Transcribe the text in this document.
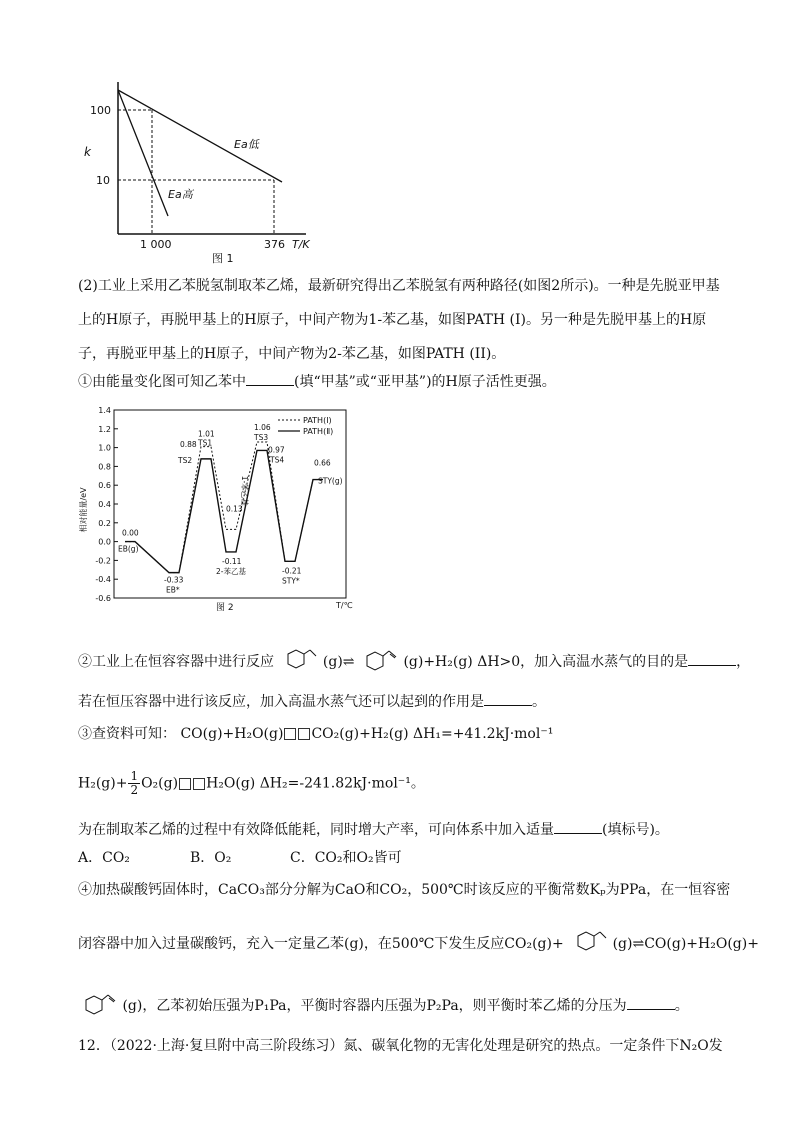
k
100
10
Ea低
Ea高
1 000	376 T/K
图 1
(2)工业上采用乙苯脱氢制取苯乙烯，最新研究得出乙苯脱氢有两种路径(如图2所示)。一种是先脱亚甲基
上的H原子，再脱甲基上的H原子，中间产物为1-苯乙基，如图PATH (I)。另一种是先脱甲基上的H原
子，再脱亚甲基上的H原子，中间产物为2-苯乙基，如图PATH (II)。
①由能量变化图可知乙苯中	(填“甲基”或“亚甲基”)的H原子活性更强。
1.4
1.2
1.0
0.8
0.6
0.4
0.2
0.0
-0.2
-0.4
-0.6
0.00
EB(g)
-0.33
EB*
1.01
TS1
0.88
TS2
0.13
-0.11
2-苯乙基
1.06
TS3
0.97
TS4
-0.21
STY*
0.66
STY(g)
1-苯乙基
相对能量/eV
图 2	T/℃
PATH(Ⅰ)
PATH(Ⅱ)
②工业上在恒容容器中进行反应	(g)⇌	(g)+H₂(g) ΔH>0，加入高温水蒸气的目的是	，
若在恒压容器中进行该反应，加入高温水蒸气还可以起到的作用是	。
③查资料可知： CO(g)+H₂O(g) CO₂(g)+H₂(g) ΔH₁=+41.2kJ·mol⁻¹
$H_2(g)+ \frac{1}{2} O_2(g)$ H₂O(g) ΔH₂=-241.82kJ·mol⁻¹。
为在制取苯乙烯的过程中有效降低能耗，同时增大产率，可向体系中加入适量	(填标号)。
A．CO₂	B．O₂	C．CO₂和O₂皆可
④加热碳酸钙固体时，CaCO₃部分分解为CaO和CO₂，500℃时该反应的平衡常数Kₚ为PPa，在一恒容密
闭容器中加入过量碳酸钙，充入一定量乙苯(g)，在500℃下发生反应CO₂(g)+	(g)⇌CO(g)+H₂O(g)+
(g)，乙苯初始压强为P₁Pa，平衡时容器内压强为P₂Pa，则平衡时苯乙烯的分压为	。
12．（2022·上海·复旦附中高三阶段练习）氮、碳氧化物的无害化处理是研究的热点。一定条件下N₂O发
